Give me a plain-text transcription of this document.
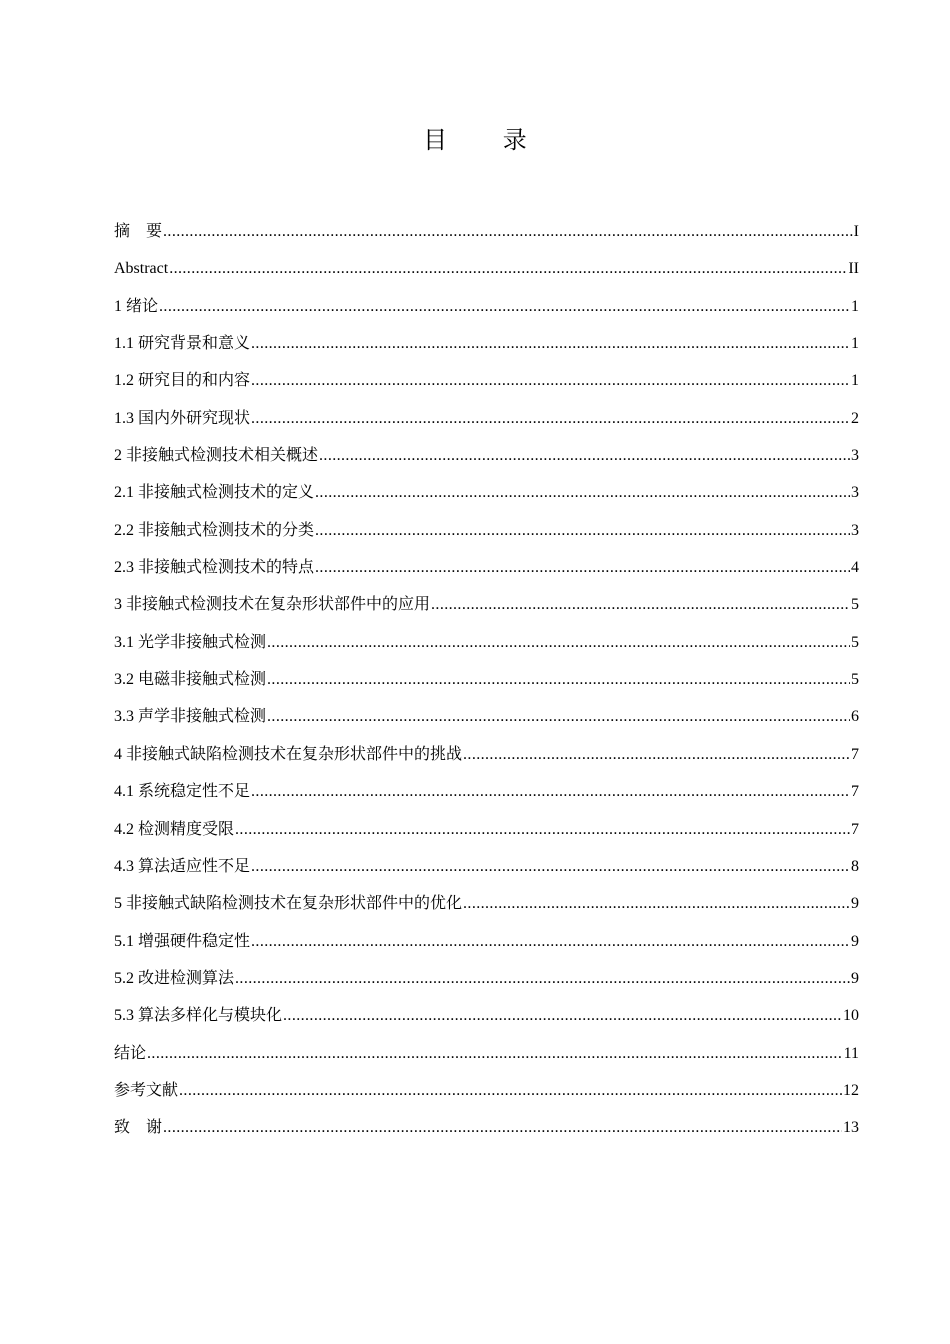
目 录
摘　要 .....	I
Abstract .....	II
1 绪论 .....	1
1.1 研究背景和意义 .....	1
1.2 研究目的和内容 .....	1
1.3 国内外研究现状 .....	2
2 非接触式检测技术相关概述 .....	3
2.1 非接触式检测技术的定义 .....	3
2.2 非接触式检测技术的分类 .....	3
2.3 非接触式检测技术的特点 .....	4
3 非接触式检测技术在复杂形状部件中的应用 .....	5
3.1 光学非接触式检测 .....	5
3.2 电磁非接触式检测 .....	5
3.3 声学非接触式检测 .....	6
4 非接触式缺陷检测技术在复杂形状部件中的挑战 .....	7
4.1 系统稳定性不足 .....	7
4.2 检测精度受限 .....	7
4.3 算法适应性不足 .....	8
5 非接触式缺陷检测技术在复杂形状部件中的优化 .....	9
5.1 增强硬件稳定性 .....	9
5.2 改进检测算法 .....	9
5.3 算法多样化与模块化 .....	10
结论 .....	11
参考文献 .....	12
致　谢 .....	13
